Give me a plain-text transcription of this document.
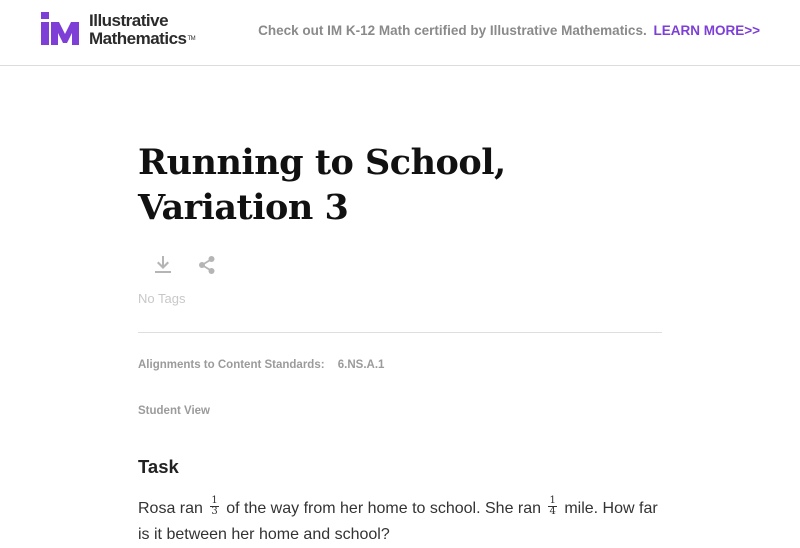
Illustrative
Mathematics™
Check out IM K-12 Math certified by Illustrative Mathematics. LEARN MORE>>
Running to School,
Variation 3
No Tags
Alignments to Content Standards: 6.NS.A.1
Student View
Task

Rosa ran $\frac{1}{3}$ of the way from her home to school. She ran $\frac{1}{4}$ mile. How far is it between her home and school?
